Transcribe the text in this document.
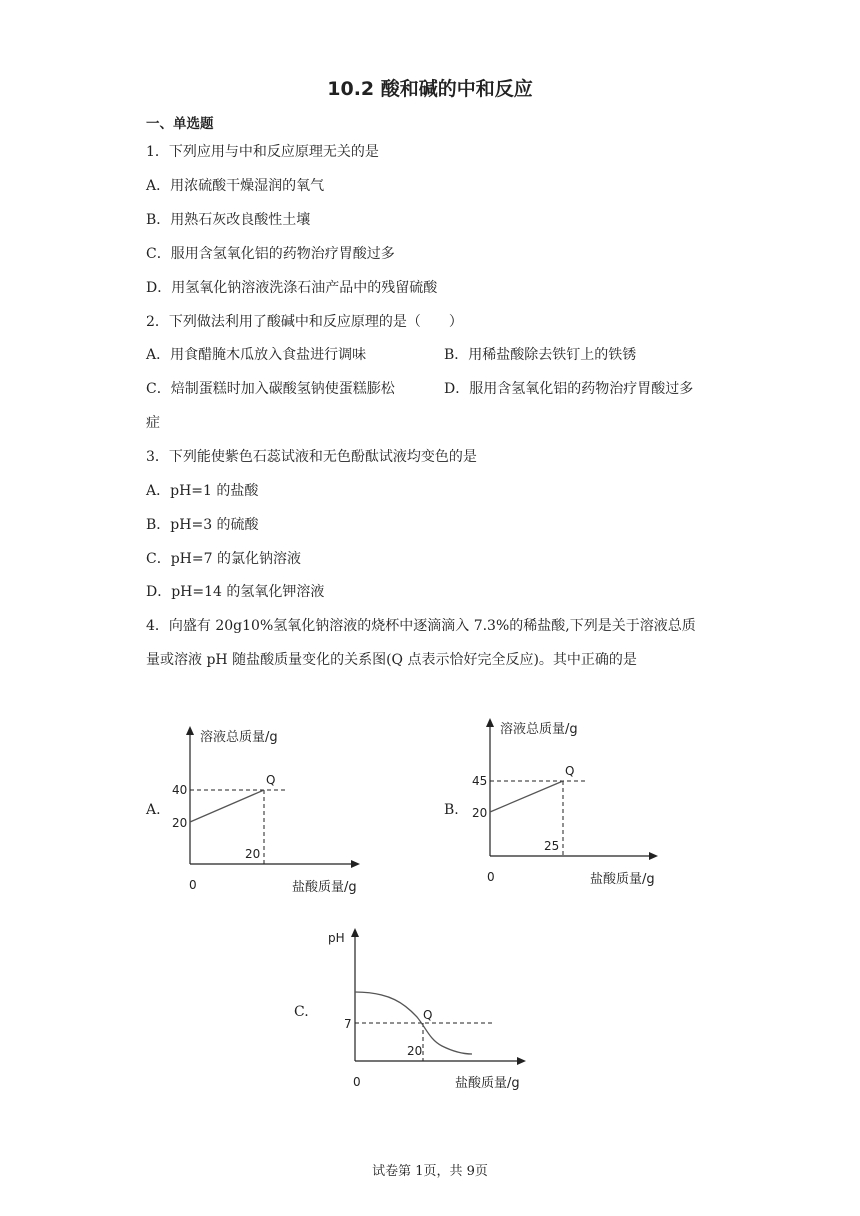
10.2 酸和碱的中和反应
一、单选题
1．下列应用与中和反应原理无关的是
A．用浓硫酸干燥湿润的氧气
B．用熟石灰改良酸性土壤
C．服用含氢氧化铝的药物治疗胃酸过多
D．用氢氧化钠溶液洗涤石油产品中的残留硫酸
2．下列做法利用了酸碱中和反应原理的是（　　）
A．用食醋腌木瓜放入食盐进行调味	B．用稀盐酸除去铁钉上的铁锈
C．焙制蛋糕时加入碳酸氢钠使蛋糕膨松	D．服用含氢氧化铝的药物治疗胃酸过多
症
3．下列能使紫色石蕊试液和无色酚酞试液均变色的是
A．pH=1 的盐酸
B．pH=3 的硫酸
C．pH=7 的氯化钠溶液
D．pH=14 的氢氧化钾溶液
4．向盛有 20g10%氢氧化钠溶液的烧杯中逐滴滴入 7.3%的稀盐酸,下列是关于溶液总质
量或溶液 pH 随盐酸质量变化的关系图(Q 点表示恰好完全反应)。其中正确的是
A.
溶液总质量/g
40
20
Q
20
0	盐酸质量/g
B.
溶液总质量/g
45
20
Q
25
0	盐酸质量/g
C.
pH
7
Q
20
0	盐酸质量/g
试卷第 1页，共 9页
